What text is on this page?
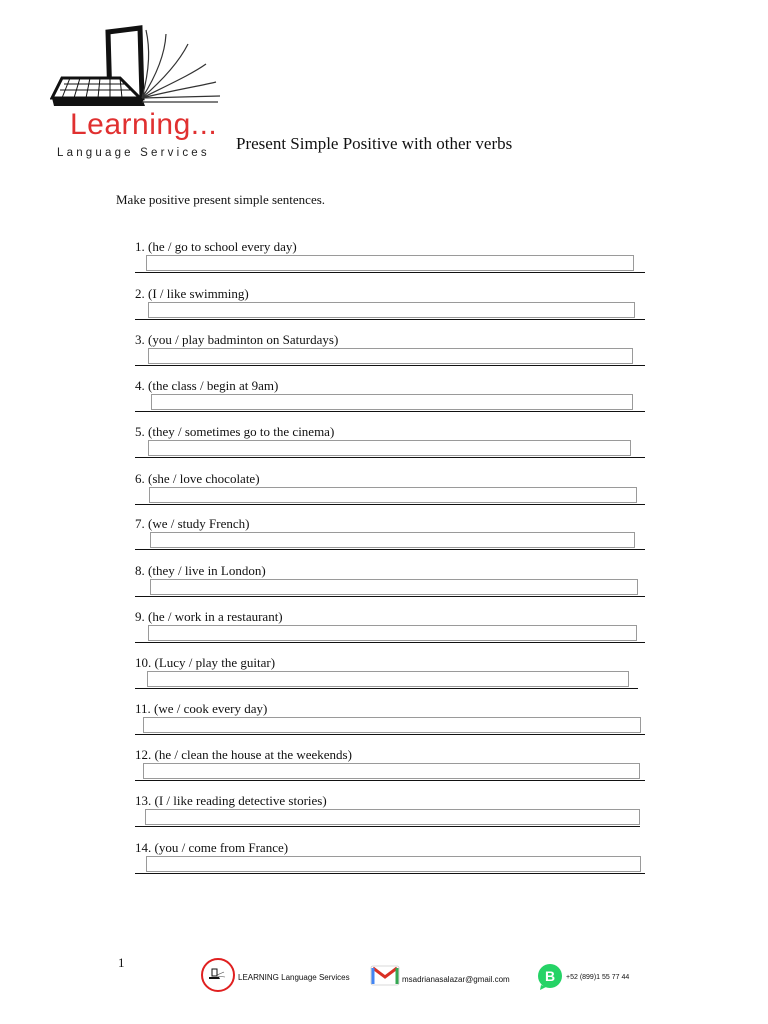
Learning...
Language Services Present Simple Positive with other verbs
Make positive present simple sentences.
1. (he / go to school every day)
2. (I / like swimming)
3. (you / play badminton on Saturdays)
4. (the class / begin at 9am)
5. (they / sometimes go to the cinema)
6. (she / love chocolate)
7. (we / study French)
8. (they / live in London)
9. (he / work in a restaurant)
10. (Lucy / play the guitar)
11. (we / cook every day)
12. (he / clean the house at the weekends)
13. (I / like reading detective stories)
14. (you / come from France)
1
LEARNING Language Services	msadrianasalazar@gmail.com	B +52 (899)1 55 77 44
